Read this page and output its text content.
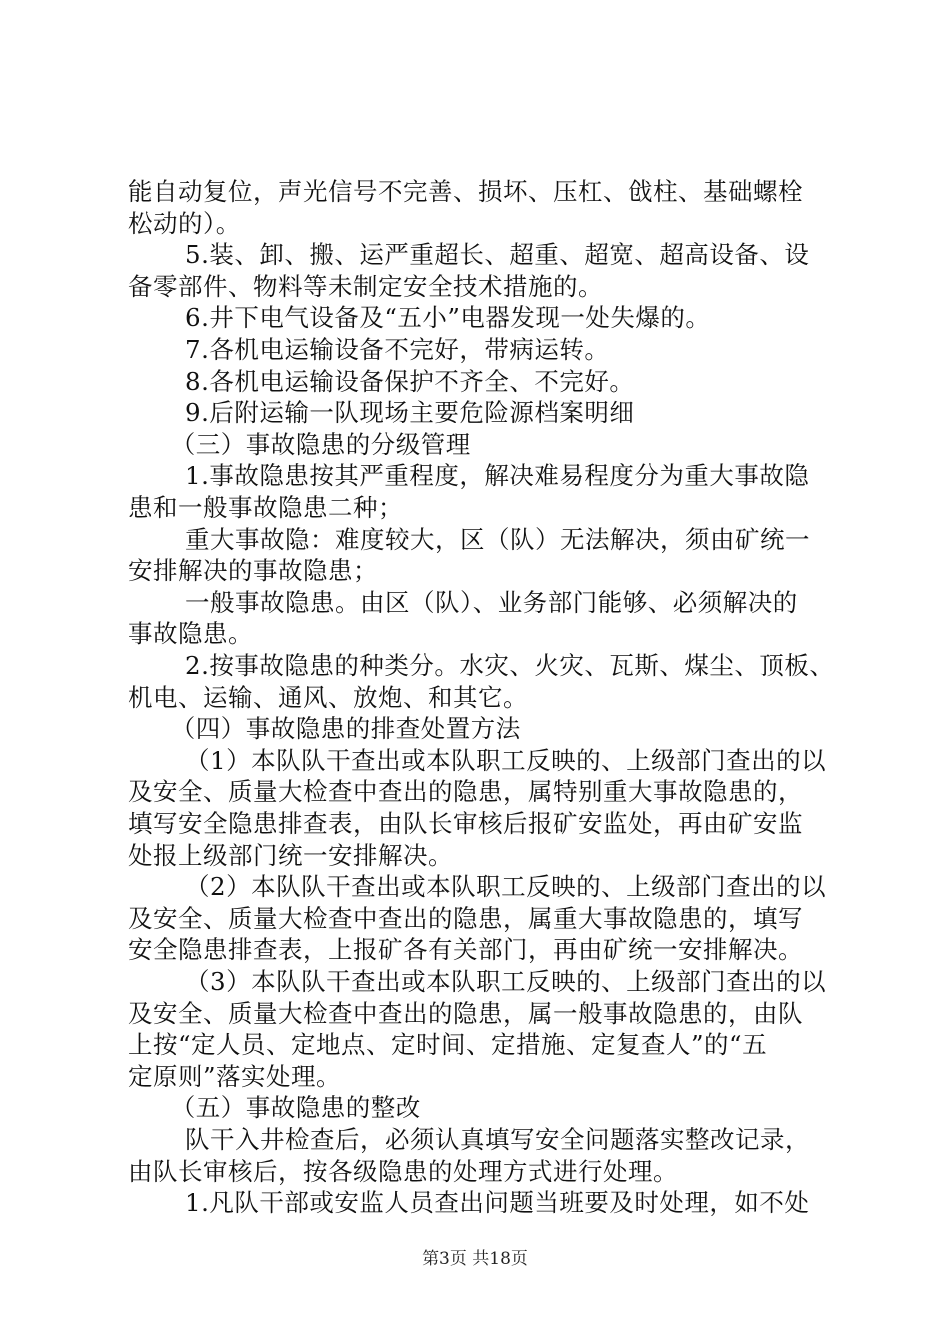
能自动复位，声光信号不完善、损坏、压杠、戗柱、基础螺栓
松动的）。
5.装、卸、搬、运严重超长、超重、超宽、超高设备、设
备零部件、物料等未制定安全技术措施的。
6.井下电气设备及“五小”电器发现一处失爆的。
7.各机电运输设备不完好，带病运转。
8.各机电运输设备保护不齐全、不完好。
9.后附运输一队现场主要危险源档案明细
（三）事故隐患的分级管理
1.事故隐患按其严重程度，解决难易程度分为重大事故隐
患和一般事故隐患二种；
重大事故隐：难度较大，区（队）无法解决，须由矿统一
安排解决的事故隐患；
一般事故隐患。由区（队）、业务部门能够、必须解决的
事故隐患。
2.按事故隐患的种类分。水灾、火灾、瓦斯、煤尘、顶板、
机电、运输、通风、放炮、和其它。
（四）事故隐患的排查处置方法
（1）本队队干查出或本队职工反映的、上级部门查出的以
及安全、质量大检查中查出的隐患，属特别重大事故隐患的，
填写安全隐患排查表，由队长审核后报矿安监处，再由矿安监
处报上级部门统一安排解决。
（2）本队队干查出或本队职工反映的、上级部门查出的以
及安全、质量大检查中查出的隐患，属重大事故隐患的，填写
安全隐患排查表，上报矿各有关部门，再由矿统一安排解决。
（3）本队队干查出或本队职工反映的、上级部门查出的以
及安全、质量大检查中查出的隐患，属一般事故隐患的，由队
上按“定人员、定地点、定时间、定措施、定复查人”的“五
定原则”落实处理。
（五）事故隐患的整改
队干入井检查后，必须认真填写安全问题落实整改记录，
由队长审核后，按各级隐患的处理方式进行处理。
1.凡队干部或安监人员查出问题当班要及时处理，如不处
第3页 共18页
